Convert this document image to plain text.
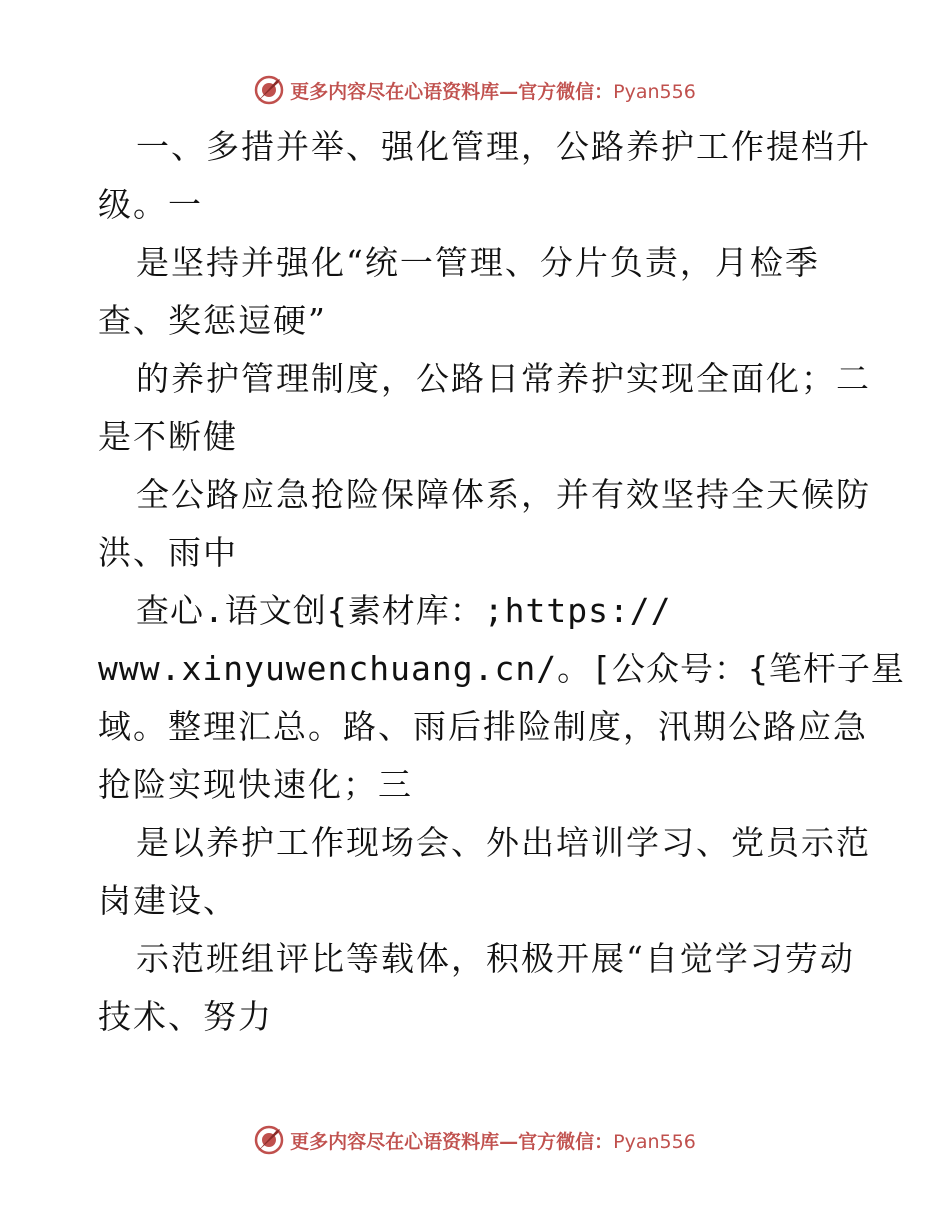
更多内容尽在心语资料库—官方微信：Pyan556

一、多措并举、强化管理，公路养护工作提档升

级。一

是坚持并强化“统一管理、分片负责，月检季

查、奖惩逗硬”

的养护管理制度，公路日常养护实现全面化；二

是不断健

全公路应急抢险保障体系，并有效坚持全天候防

洪、雨中

查心.语文创{素材库：;https://

www.xinyuwenchuang.cn/。[公众号：{笔杆子星

域。整理汇总。路、雨后排险制度，汛期公路应急

抢险实现快速化；三

是以养护工作现场会、外出培训学习、党员示范

岗建设、

示范班组评比等载体，积极开展“自觉学习劳动

技术、努力

更多内容尽在心语资料库—官方微信：Pyan556
